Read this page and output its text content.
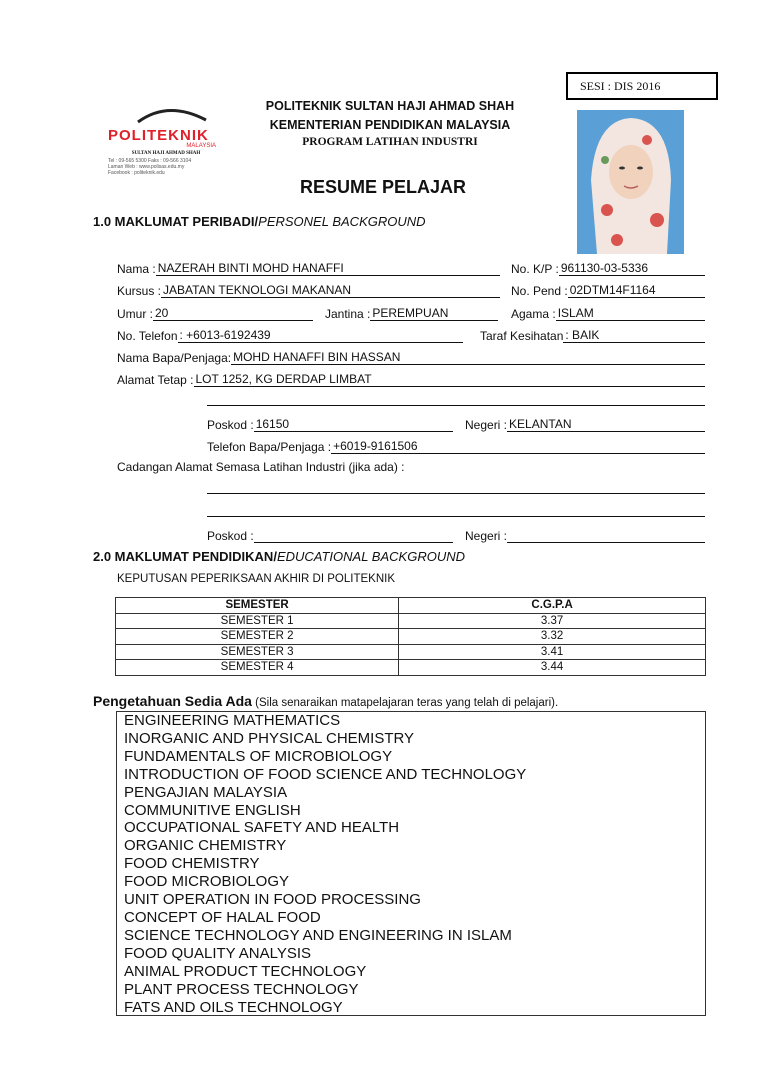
SESI : DIS 2016
POLITEKNIK
MALAYSIA
SULTAN HAJI AHMAD SHAH
Tel : 09-565 5300 Faks : 09-566 3104
Laman Web : www.polisas.edu.my
Facebook : politeknik.edu
POLITEKNIK SULTAN HAJI AHMAD SHAH
KEMENTERIAN PENDIDIKAN MALAYSIA
PROGRAM LATIHAN INDUSTRI
RESUME PELAJAR
1.0 MAKLUMAT PERIBADI/PERSONEL BACKGROUND
Nama : NAZERAH BINTI MOHD HANAFFI	No. K/P : 961130-03-5336
Kursus : JABATAN TEKNOLOGI MAKANAN	No. Pend : 02DTM14F1164
Umur : 20	Jantina : PEREMPUAN	Agama : ISLAM
No. Telefon : +6013-6192439	Taraf Kesihatan : BAIK
Nama Bapa/Penjaga: MOHD HANAFFI BIN HASSAN
Alamat Tetap : LOT 1252, KG DERDAP LIMBAT
Poskod : 16150	Negeri : KELANTAN
Telefon Bapa/Penjaga : +6019-9161506
Cadangan Alamat Semasa Latihan Industri (jika ada) :
Poskod :	Negeri :
2.0 MAKLUMAT PENDIDIKAN/EDUCATIONAL BACKGROUND
KEPUTUSAN PEPERIKSAAN AKHIR DI POLITEKNIK
SEMESTER	C.G.P.A
SEMESTER 1	3.37
SEMESTER 2	3.32
SEMESTER 3	3.41
SEMESTER 4	3.44
Pengetahuan Sedia Ada (Sila senaraikan matapelajaran teras yang telah di pelajari).
ENGINEERING MATHEMATICS
INORGANIC AND PHYSICAL CHEMISTRY
FUNDAMENTALS OF MICROBIOLOGY
INTRODUCTION OF FOOD SCIENCE AND TECHNOLOGY
PENGAJIAN MALAYSIA
COMMUNITIVE ENGLISH
OCCUPATIONAL SAFETY AND HEALTH
ORGANIC CHEMISTRY
FOOD CHEMISTRY
FOOD MICROBIOLOGY
UNIT OPERATION IN FOOD PROCESSING
CONCEPT OF HALAL FOOD
SCIENCE TECHNOLOGY AND ENGINEERING IN ISLAM
FOOD QUALITY ANALYSIS
ANIMAL PRODUCT TECHNOLOGY
PLANT PROCESS TECHNOLOGY
FATS AND OILS TECHNOLOGY
